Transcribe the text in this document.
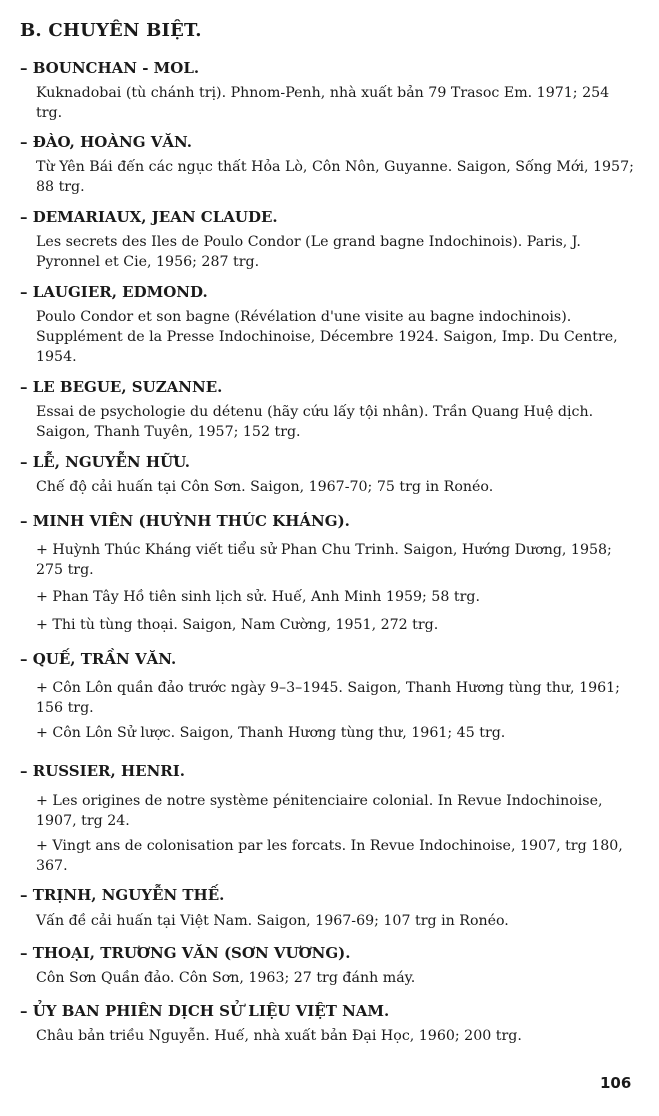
B. CHUYÊN BIỆT.
– BOUNCHAN - MOL.
Kuknadobai (tù chánh trị). Phnom-Penh, nhà xuất bản 79 Trasoc Em. 1971; 254 trg.
– ĐÀO, HOÀNG VĂN.
Từ Yên Bái đến các ngục thất Hỏa Lò, Côn Nôn, Guyanne. Saigon, Sống Mới, 1957; 88 trg.
– DEMARIAUX, JEAN CLAUDE.
Les secrets des Iles de Poulo Condor (Le grand bagne Indochinois). Paris, J. Pyronnel et Cie, 1956; 287 trg.
– LAUGIER, EDMOND.
Poulo Condor et son bagne (Révélation d'une visite au bagne indochinois). Supplément de la Presse Indochinoise, Décembre 1924. Saigon, Imp. Du Centre, 1954.
– LE BEGUE, SUZANNE.
Essai de psychologie du détenu (hãy cứu lấy tội nhân). Trần Quang Huệ dịch. Saigon, Thanh Tuyên, 1957; 152 trg.
– LỄ, NGUYỄN HỮU.
Chế độ cải huấn tại Côn Sơn. Saigon, 1967-70; 75 trg in Ronéo.
– MINH VIÊN (HUỲNH THÚC KHÁNG).
+ Huỳnh Thúc Kháng viết tiểu sử Phan Chu Trinh. Saigon, Hướng Dương, 1958; 275 trg.
+ Phan Tây Hồ tiên sinh lịch sử. Huế, Anh Minh 1959; 58 trg.
+ Thi tù tùng thoại. Saigon, Nam Cường, 1951, 272 trg.
– QUẾ, TRẦN VĂN.
+ Côn Lôn quần đảo trước ngày 9–3–1945. Saigon, Thanh Hương tùng thư, 1961; 156 trg.
+ Côn Lôn Sử lược. Saigon, Thanh Hương tùng thư, 1961; 45 trg.
– RUSSIER, HENRI.
+ Les origines de notre système pénitenciaire colonial. In Revue Indochinoise, 1907, trg 24.
+ Vingt ans de colonisation par les forcats. In Revue Indochinoise, 1907, trg 180, 367.
– TRỊNH, NGUYỄN THẾ.
Vấn đề cải huấn tại Việt Nam. Saigon, 1967-69; 107 trg in Ronéo.
– THOẠI, TRƯƠNG VĂN (SƠN VƯƠNG).
Côn Sơn Quần đảo. Côn Sơn, 1963; 27 trg đánh máy.
– ỦY BAN PHIÊN DỊCH SỬ LIỆU VIỆT NAM.
Châu bản triều Nguyễn. Huế, nhà xuất bản Đại Học, 1960; 200 trg.
106
